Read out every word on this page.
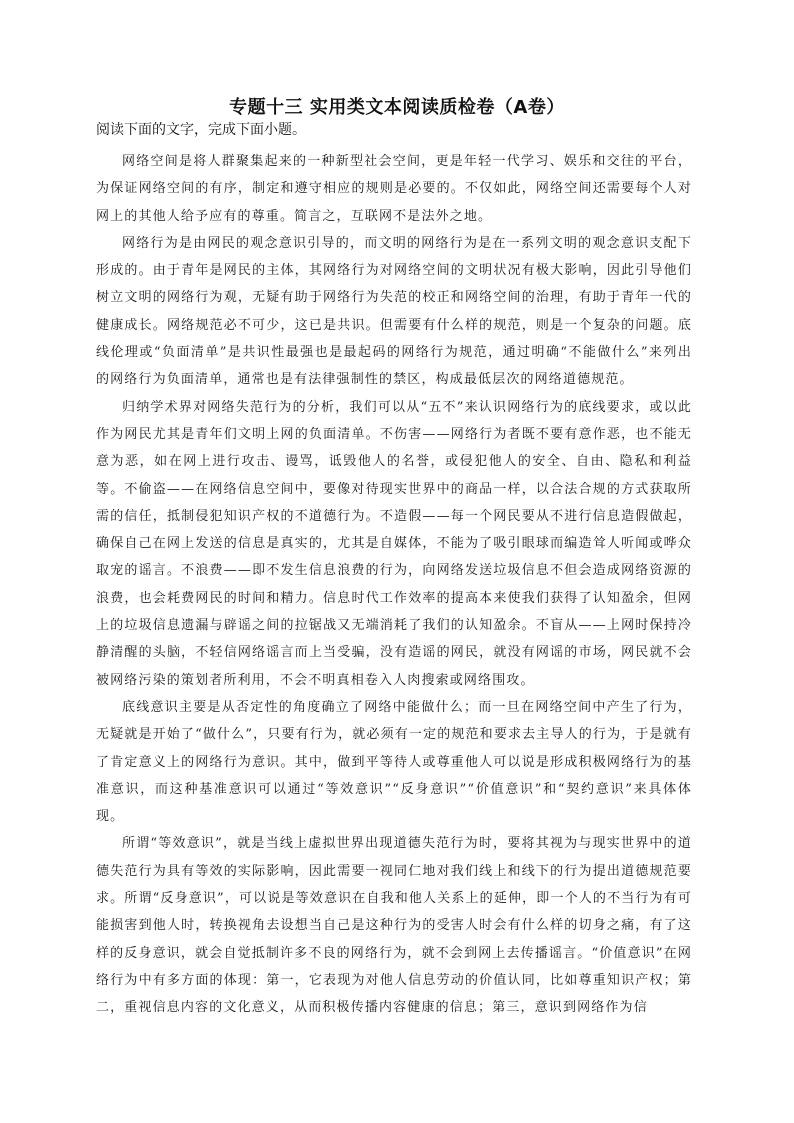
专题十三 实用类文本阅读质检卷（A卷）
阅读下面的文字，完成下面小题。

网络空间是将人群聚集起来的一种新型社会空间，更是年轻一代学习、娱乐和交往的平台，为保证网络空间的有序，制定和遵守相应的规则是必要的。不仅如此，网络空间还需要每个人对网上的其他人给予应有的尊重。简言之，互联网不是法外之地。

网络行为是由网民的观念意识引导的，而文明的网络行为是在一系列文明的观念意识支配下形成的。由于青年是网民的主体，其网络行为对网络空间的文明状况有极大影响，因此引导他们树立文明的网络行为观，无疑有助于网络行为失范的校正和网络空间的治理，有助于青年一代的健康成长。网络规范必不可少，这已是共识。但需要有什么样的规范，则是一个复杂的问题。底线伦理或“负面清单”是共识性最强也是最起码的网络行为规范，通过明确“不能做什么”来列出的网络行为负面清单，通常也是有法律强制性的禁区，构成最低层次的网络道德规范。

归纳学术界对网络失范行为的分析，我们可以从“五不”来认识网络行为的底线要求，或以此作为网民尤其是青年们文明上网的负面清单。不伤害——网络行为者既不要有意作恶，也不能无意为恶，如在网上进行攻击、谩骂，诋毁他人的名誉，或侵犯他人的安全、自由、隐私和利益等。不偷盗——在网络信息空间中，要像对待现实世界中的商品一样，以合法合规的方式获取所需的信任，抵制侵犯知识产权的不道德行为。不造假——每一个网民要从不进行信息造假做起，确保自己在网上发送的信息是真实的，尤其是自媒体，不能为了吸引眼球而编造耸人听闻或哗众取宠的谣言。不浪费——即不发生信息浪费的行为，向网络发送垃圾信息不但会造成网络资源的浪费，也会耗费网民的时间和精力。信息时代工作效率的提高本来使我们获得了认知盈余，但网上的垃圾信息遗漏与辟谣之间的拉锯战又无端消耗了我们的认知盈余。不盲从——上网时保持冷静清醒的头脑，不轻信网络谣言而上当受骗，没有造谣的网民，就没有网谣的市场，网民就不会被网络污染的策划者所利用，不会不明真相卷入人肉搜索或网络围攻。

底线意识主要是从否定性的角度确立了网络中能做什么；而一旦在网络空间中产生了行为，无疑就是开始了“做什么”，只要有行为，就必须有一定的规范和要求去主导人的行为，于是就有了肯定意义上的网络行为意识。其中，做到平等待人或尊重他人可以说是形成积极网络行为的基准意识，而这种基准意识可以通过“等效意识”“反身意识”“价值意识”和“契约意识”来具体体现。

所谓“等效意识”，就是当线上虚拟世界出现道德失范行为时，要将其视为与现实世界中的道德失范行为具有等效的实际影响，因此需要一视同仁地对我们线上和线下的行为提出道德规范要求。所谓“反身意识”，可以说是等效意识在自我和他人关系上的延伸，即一个人的不当行为有可能损害到他人时，转换视角去设想当自己是这种行为的受害人时会有什么样的切身之痛，有了这样的反身意识，就会自觉抵制许多不良的网络行为，就不会到网上去传播谣言。“价值意识”在网络行为中有多方面的体现：第一，它表现为对他人信息劳动的价值认同，比如尊重知识产权；第二，重视信息内容的文化意义，从而积极传播内容健康的信息；第三，意识到网络作为信
